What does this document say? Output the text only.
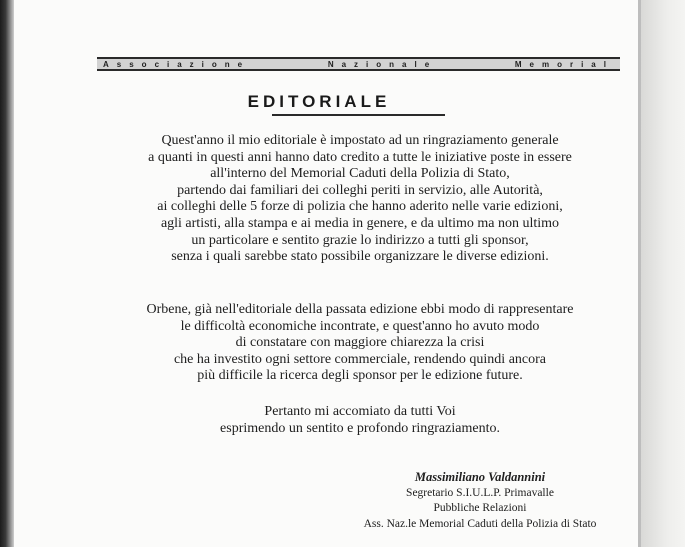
Associazione	Nazionale	Memorial
EDITORIALE
Quest'anno il mio editoriale è impostato ad un ringraziamento generale
a quanti in questi anni hanno dato credito a tutte le iniziative poste in essere
all'interno del Memorial Caduti della Polizia di Stato,
partendo dai familiari dei colleghi periti in servizio, alle Autorità,
ai colleghi delle 5 forze di polizia che hanno aderito nelle varie edizioni,
agli artisti, alla stampa e ai media in genere, e da ultimo ma non ultimo
un particolare e sentito grazie lo indirizzo a tutti gli sponsor,
senza i quali sarebbe stato possibile organizzare le diverse edizioni.
Orbene, già nell'editoriale della passata edizione ebbi modo di rappresentare
le difficoltà economiche incontrate, e quest'anno ho avuto modo
di constatare con maggiore chiarezza la crisi
che ha investito ogni settore commerciale, rendendo quindi ancora
più difficile la ricerca degli sponsor per le edizione future.
Pertanto mi accomiato da tutti Voi
esprimendo un sentito e profondo ringraziamento.
Massimiliano Valdannini
Segretario S.I.U.L.P. Primavalle
Pubbliche Relazioni
Ass. Naz.le Memorial Caduti della Polizia di Stato
